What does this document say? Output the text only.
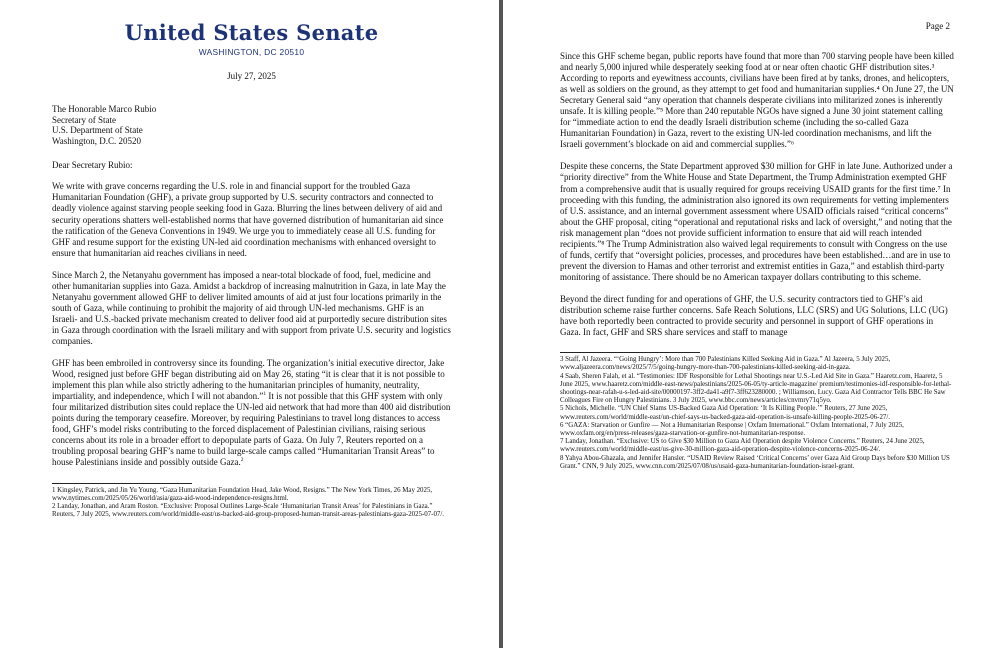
United States Senate
WASHINGTON, DC 20510
July 27, 2025
The Honorable Marco Rubio
Secretary of State
U.S. Department of State
Washington, D.C. 20520
Dear Secretary Rubio:

We write with grave concerns regarding the U.S. role in and financial support for the troubled Gaza Humanitarian Foundation (GHF), a private group supported by U.S. security contractors and connected to deadly violence against starving people seeking food in Gaza. Blurring the lines between delivery of aid and security operations shatters well-established norms that have governed distribution of humanitarian aid since the ratification of the Geneva Conventions in 1949. We urge you to immediately cease all U.S. funding for GHF and resume support for the existing UN-led aid coordination mechanisms with enhanced oversight to ensure that humanitarian aid reaches civilians in need.

Since March 2, the Netanyahu government has imposed a near-total blockade of food, fuel, medicine and other humanitarian supplies into Gaza. Amidst a backdrop of increasing malnutrition in Gaza, in late May the Netanyahu government allowed GHF to deliver limited amounts of aid at just four locations primarily in the south of Gaza, while continuing to prohibit the majority of aid through UN-led mechanisms. GHF is an Israeli- and U.S.-backed private mechanism created to deliver food aid at purportedly secure distribution sites in Gaza through coordination with the Israeli military and with support from private U.S. security and logistics companies.

GHF has been embroiled in controversy since its founding. The organization’s initial executive director, Jake Wood, resigned just before GHF began distributing aid on May 26, stating “it is clear that it is not possible to implement this plan while also strictly adhering to the humanitarian principles of humanity, neutrality, impartiality, and independence, which I will not abandon.”$^1$ It is not possible that this GHF system with only four militarized distribution sites could replace the UN-led aid network that had more than 400 aid distribution points during the temporary ceasefire. Moreover, by requiring Palestinians to travel long distances to access food, GHF’s model risks contributing to the forced displacement of Palestinian civilians, raising serious concerns about its role in a broader effort to depopulate parts of Gaza. On July 7, Reuters reported on a troubling proposal bearing GHF’s name to build large-scale camps called “Humanitarian Transit Areas” to house Palestinians inside and possibly outside Gaza.$^2$

1 Kingsley, Patrick, and Jin Yu Young. “Gaza Humanitarian Foundation Head, Jake Wood, Resigns.” The New York Times, 26 May 2025, www.nytimes.com/2025/05/26/world/asia/gaza-aid-wood-independence-resigns.html.
2 Landay, Jonathan, and Aram Roston. “Exclusive: Proposal Outlines Large-Scale ‘Humanitarian Transit Areas’ for Palestinians in Gaza.” Reuters, 7 July 2025, www.reuters.com/world/middle-east/us-backed-aid-group-proposed-human-transit-areas-palestinians-gaza-2025-07-07/.
Page 2

Since this GHF scheme began, public reports have found that more than 700 starving people have been killed and nearly 5,000 injured while desperately seeking food at or near often chaotic GHF distribution sites.³ According to reports and eyewitness accounts, civilians have been fired at by tanks, drones, and helicopters, as well as soldiers on the ground, as they attempt to get food and humanitarian supplies.⁴ On June 27, the UN Secretary General said “any operation that channels desperate civilians into militarized zones is inherently unsafe. It is killing people.”⁵ More than 240 reputable NGOs have signed a June 30 joint statement calling for “immediate action to end the deadly Israeli distribution scheme (including the so-called Gaza Humanitarian Foundation) in Gaza, revert to the existing UN-led coordination mechanisms, and lift the Israeli government’s blockade on aid and commercial supplies.”⁶

Despite these concerns, the State Department approved $30 million for GHF in late June. Authorized under a “priority directive” from the White House and State Department, the Trump Administration exempted GHF from a comprehensive audit that is usually required for groups receiving USAID grants for the first time.⁷ In proceeding with this funding, the administration also ignored its own requirements for vetting implementers of U.S. assistance, and an internal government assessment where USAID officials raised “critical concerns” about the GHF proposal, citing “operational and reputational risks and lack of oversight,” and noting that the risk management plan “does not provide sufficient information to ensure that aid will reach intended recipients.”⁸ The Trump Administration also waived legal requirements to consult with Congress on the use of funds, certify that “oversight policies, processes, and procedures have been established…and are in use to prevent the diversion to Hamas and other terrorist and extremist entities in Gaza,” and establish third-party monitoring of assistance. There should be no American taxpayer dollars contributing to this scheme.

Beyond the direct funding for and operations of GHF, the U.S. security contractors tied to GHF’s aid distribution scheme raise further concerns. Safe Reach Solutions, LLC (SRS) and UG Solutions, LLC (UG) have both reportedly been contracted to provide security and personnel in support of GHF operations in Gaza. In fact, GHF and SRS share services and staff to manage

3 Staff, Al Jazeera. “‘Going Hungry’: More than 700 Palestinians Killed Seeking Aid in Gaza.” Al Jazeera, 5 July 2025, www.aljazeera.com/news/2025/7/5/going-hungry-more-than-700-palestinians-killed-seeking-aid-in-gaza.
4 Saab, Sheren Falah, et al. “Testimonies: IDF Responsible for Lethal Shootings near U.S.-Led Aid Site in Gaza.” Haaretz.com, Haaretz, 5 June 2025, www.haaretz.com/middle-east-news/palestinians/2025-06-05/ty-article-magazine/ premium/testimonies-idf-responsible-for-lethal-shootings-near-rafah-u-s-led-aid-site/00000197-3ff2-da41-a9f7-3ff623280000. ; Williamson, Lucy. Gaza Aid Contractor Tells BBC He Saw Colleagues Fire on Hungry Palestinians. 3 July 2025, www.bbc.com/news/articles/cnvmry71q5yo.
5 Nichols, Michelle. “UN Chief Slams US-Backed Gaza Aid Operation: ‘It Is Killing People.’” Reuters, 27 June 2025, www.reuters.com/world/middle-east/un-chief-says-us-backed-gaza-aid-operation-is-unsafe-killing-people-2025-06-27/.
6 “GAZA: Starvation or Gunfire — Not a Humanitarian Response | Oxfam International.” Oxfam International, 7 July 2025, www.oxfam.org/en/press-releases/gaza-starvation-or-gunfire-not-humanitarian-response.
7 Landay, Jonathan. “Exclusive: US to Give $30 Million to Gaza Aid Operation despite Violence Concerns.” Reuters, 24 June 2025, www.reuters.com/world/middle-east/us-give-30-million-gaza-aid-operation-despite-violence-concerns-2025-06-24/.
8 Yahya Abou-Ghazala, and Jennifer Hansler. “USAID Review Raised ‘Critical Concerns’ over Gaza Aid Group Days before $30 Million US Grant.” CNN, 9 July 2025, www.cnn.com/2025/07/08/us/usaid-gaza-humanitarian-foundation-israel-grant.
